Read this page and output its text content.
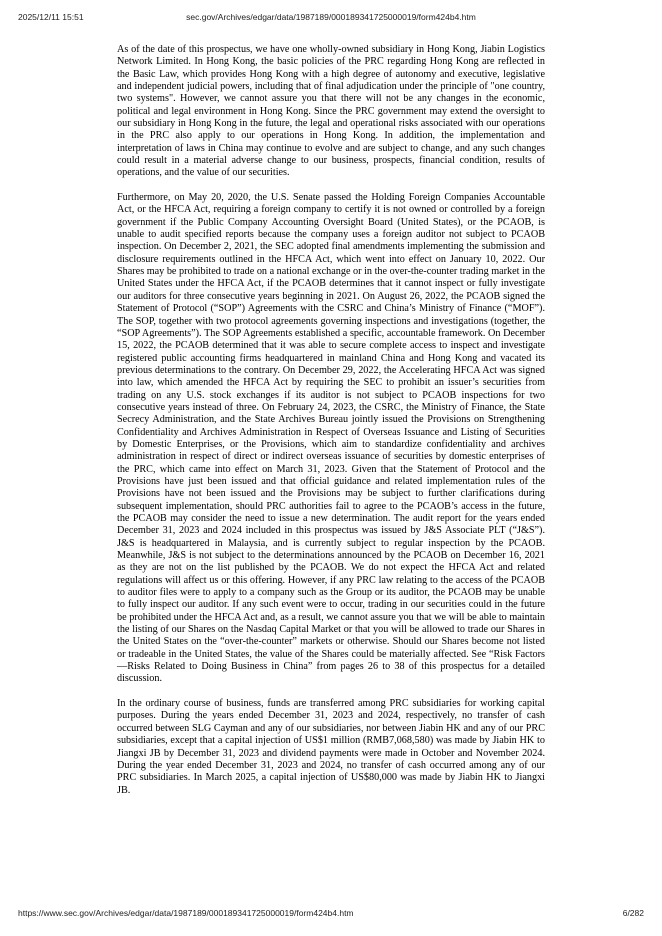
2025/12/11 15:51	sec.gov/Archives/edgar/data/1987189/000189341725000019/form424b4.htm

As of the date of this prospectus, we have one wholly-owned subsidiary in Hong Kong, Jiabin Logistics Network Limited. In Hong Kong, the basic policies of the PRC regarding Hong Kong are reflected in the Basic Law, which provides Hong Kong with a high degree of autonomy and executive, legislative and independent judicial powers, including that of final adjudication under the principle of "one country, two systems". However, we cannot assure you that there will not be any changes in the economic, political and legal environment in Hong Kong. Since the PRC government may extend the oversight to our subsidiary in Hong Kong in the future, the legal and operational risks associated with our operations in the PRC also apply to our operations in Hong Kong. In addition, the implementation and interpretation of laws in China may continue to evolve and are subject to change, and any such changes could result in a material adverse change to our business, prospects, financial condition, results of operations, and the value of our securities.

Furthermore, on May 20, 2020, the U.S. Senate passed the Holding Foreign Companies Accountable Act, or the HFCA Act, requiring a foreign company to certify it is not owned or controlled by a foreign government if the Public Company Accounting Oversight Board (United States), or the PCAOB, is unable to audit specified reports because the company uses a foreign auditor not subject to PCAOB inspection. On December 2, 2021, the SEC adopted final amendments implementing the submission and disclosure requirements outlined in the HFCA Act, which went into effect on January 10, 2022. Our Shares may be prohibited to trade on a national exchange or in the over-the-counter trading market in the United States under the HFCA Act, if the PCAOB determines that it cannot inspect or fully investigate our auditors for three consecutive years beginning in 2021. On August 26, 2022, the PCAOB signed the Statement of Protocol (“SOP”) Agreements with the CSRC and China’s Ministry of Finance (“MOF”). The SOP, together with two protocol agreements governing inspections and investigations (together, the “SOP Agreements”). The SOP Agreements established a specific, accountable framework. On December 15, 2022, the PCAOB determined that it was able to secure complete access to inspect and investigate registered public accounting firms headquartered in mainland China and Hong Kong and vacated its previous determinations to the contrary. On December 29, 2022, the Accelerating HFCA Act was signed into law, which amended the HFCA Act by requiring the SEC to prohibit an issuer’s securities from trading on any U.S. stock exchanges if its auditor is not subject to PCAOB inspections for two consecutive years instead of three. On February 24, 2023, the CSRC, the Ministry of Finance, the State Secrecy Administration, and the State Archives Bureau jointly issued the Provisions on Strengthening Confidentiality and Archives Administration in Respect of Overseas Issuance and Listing of Securities by Domestic Enterprises, or the Provisions, which aim to standardize confidentiality and archives administration in respect of direct or indirect overseas issuance of securities by domestic enterprises of the PRC, which came into effect on March 31, 2023. Given that the Statement of Protocol and the Provisions have just been issued and that official guidance and related implementation rules of the Provisions have not been issued and the Provisions may be subject to further clarifications during subsequent implementation, should PRC authorities fail to agree to the PCAOB’s access in the future, the PCAOB may consider the need to issue a new determination. The audit report for the years ended December 31, 2023 and 2024 included in this prospectus was issued by J&S Associate PLT (“J&S”). J&S is headquartered in Malaysia, and is currently subject to regular inspection by the PCAOB. Meanwhile, J&S is not subject to the determinations announced by the PCAOB on December 16, 2021 as they are not on the list published by the PCAOB. We do not expect the HFCA Act and related regulations will affect us or this offering. However, if any PRC law relating to the access of the PCAOB to auditor files were to apply to a company such as the Group or its auditor, the PCAOB may be unable to fully inspect our auditor. If any such event were to occur, trading in our securities could in the future be prohibited under the HFCA Act and, as a result, we cannot assure you that we will be able to maintain the listing of our Shares on the Nasdaq Capital Market or that you will be allowed to trade our Shares in the United States on the “over-the-counter” markets or otherwise. Should our Shares become not listed or tradeable in the United States, the value of the Shares could be materially affected. See “Risk Factors—Risks Related to Doing Business in China” from pages 26 to 38 of this prospectus for a detailed discussion.

In the ordinary course of business, funds are transferred among PRC subsidiaries for working capital purposes. During the years ended December 31, 2023 and 2024, respectively, no transfer of cash occurred between SLG Cayman and any of our subsidiaries, nor between Jiabin HK and any of our PRC subsidiaries, except that a capital injection of US$1 million (RMB7,068,580) was made by Jiabin HK to Jiangxi JB by December 31, 2023 and dividend payments were made in October and November 2024. During the year ended December 31, 2023 and 2024, no transfer of cash occurred among any of our PRC subsidiaries. In March 2025, a capital injection of US$80,000 was made by Jiabin HK to Jiangxi JB.

https://www.sec.gov/Archives/edgar/data/1987189/000189341725000019/form424b4.htm	6/282
